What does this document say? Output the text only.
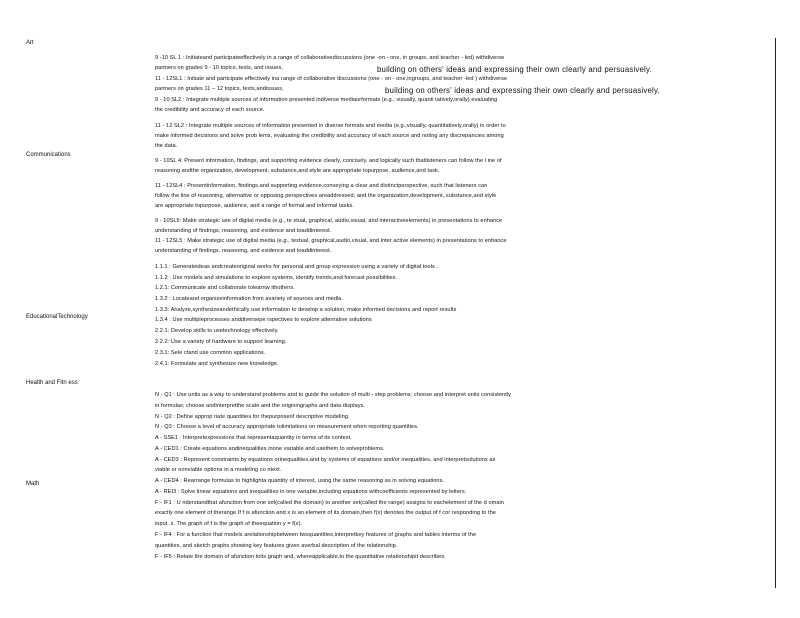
Art
Communications
EducationalTechnology
Health and Fitn ess
Math
9 -10 SL 1 : Initiateand participateeffectively in a range of collaborativediscussions (one -on - one, in groups, and teacher - led) withdiverse
partners on grades 9 - 10 topics, texts, and issues,	building on others' ideas and expressing their own clearly and persuasively.
11 - 12SL1 : Initiate and participate effectively ina range of collaborative discussions (one - on - one,ingroups, and teacher -led ) withdiverse
partners on grades 11 – 12 topics, texts,andissues,	building on others' ideas and expressing their own clearly and persuasively.
9 - 10 SL2 : Integrate multiple sources of information presented indiverse mediaorformats (e.g., visually, quanti tatively,orally) evaluating
the credibility and accuracy of each source.
11 - 12 SL2 : Integrate multiple sources of information presented in diverse formats and media (e.g.,visually, quantitatively,orally) in order to
make informed decisions and solve prob lems, evaluating the credibility and accuracy of each source and noting any discrepancies among
the data.
9 - 10SL 4: Present information, findings, and supporting evidence clearly, concisely, and logically such thatlisteners can follow the l ine of
reasoning andthe organization, development, substance,and style are appropriate topurpose, audience,and task.
11 - 12SL4 : Presentinformation, findings,and supporting evidence,conveying a clear and distinctperspective, such that listeners can
follow the line of reasoning, alternative or opposing perspectives areaddressed, and the organization,development, substance,and style
are appropriate topurpose, audience, and a range of formal and informal tasks.
9 - 10SL5: Make strategic use of digital media (e.g., te xtual, graphical, audio,visual, and interactiveelements) in presentations to enhance
understanding of findings, reasoning, and evidence and toaddinterest.
11 - 12SL5 : Make strategic use of digital media (e.g., textual, graphical,audio,visual, and inter active elements) in presentations to enhance
understanding of findings, reasoning, and evidence and toaddinterest.
1.1.1 : Generateideas andcreateoriginal works for personal and group expression using a variety of digital tools .
1.1.2 : Use models and simulations to explore systems, identify trends,and forecast possibilities.
1.2.1: Communicate and collaborate tolearnw ithothers.
1.3.2 : Locateand organizeinformation from avariety of sources and media.
1.3.3: Analyze,synthesizeandethically use information to develop a solution, make informed decisions and report results
1.3.4 : Use multipleprocesses anddiversepe rspectives to explore alternative solutions
2.2.1: Develop skills to usetechnology effectively.
2.2.2: Use a variety of hardware to support learning.
2.3.1: Sele ctand use common applications.
2.4.1: Formulate and synthesize new knowledge.
N - Q1 : Use units as a way to understand problems and to guide the solution of multi - step problems; choose and interpret units consistently
in formulas; choose andinterpretthe scale and the originingraphs and data displays.
N - Q2 : Define approp riate quantities for thepurposeof descriptive modeling.
N - Q3 : Choose a level of accuracy appropriate tolimitations on measurement when reporting quantities.
A - SSE1 : Interpretexpressions that representaquantity in terms of its context.
A - CED1 : Create equations andinequalities inone variable and usethem to solveproblems.
A - CED3 : Represent constraints by equations orinequalities,and by systems of equations and/or inequalities, and interpretsolutions as
viable or nonviable options in a modeling co ntext.
A - CED4 : Rearrange formulas to highlighta quantity of interest, using the same reasoning as in solving equations.
A - REI3 : Solve linear equations and inequalities in one variable,including equations withcoefficients represented by letters.
F - IF1 : U nderstandthat afunction from one set(called the domain) to another set(called the range) assigns to eachelement of the d omain
exactly one element of therange.If f is afunction and x is an element of its domain,then f(x) denotes the output of f cor responding to the
input. x. The graph of f is the graph of theequation y = f(x).
F - IF4 : For a function that models arelationshipbetween twoquantities,interpretkey features of graphs and tables interms of the
quantities, and sketch graphs showing key features given averbal description of the relationship.
F - IF5 : Relate the domain of afunction toits graph and, whereapplicable,to the quantitative relationshipit describes.
